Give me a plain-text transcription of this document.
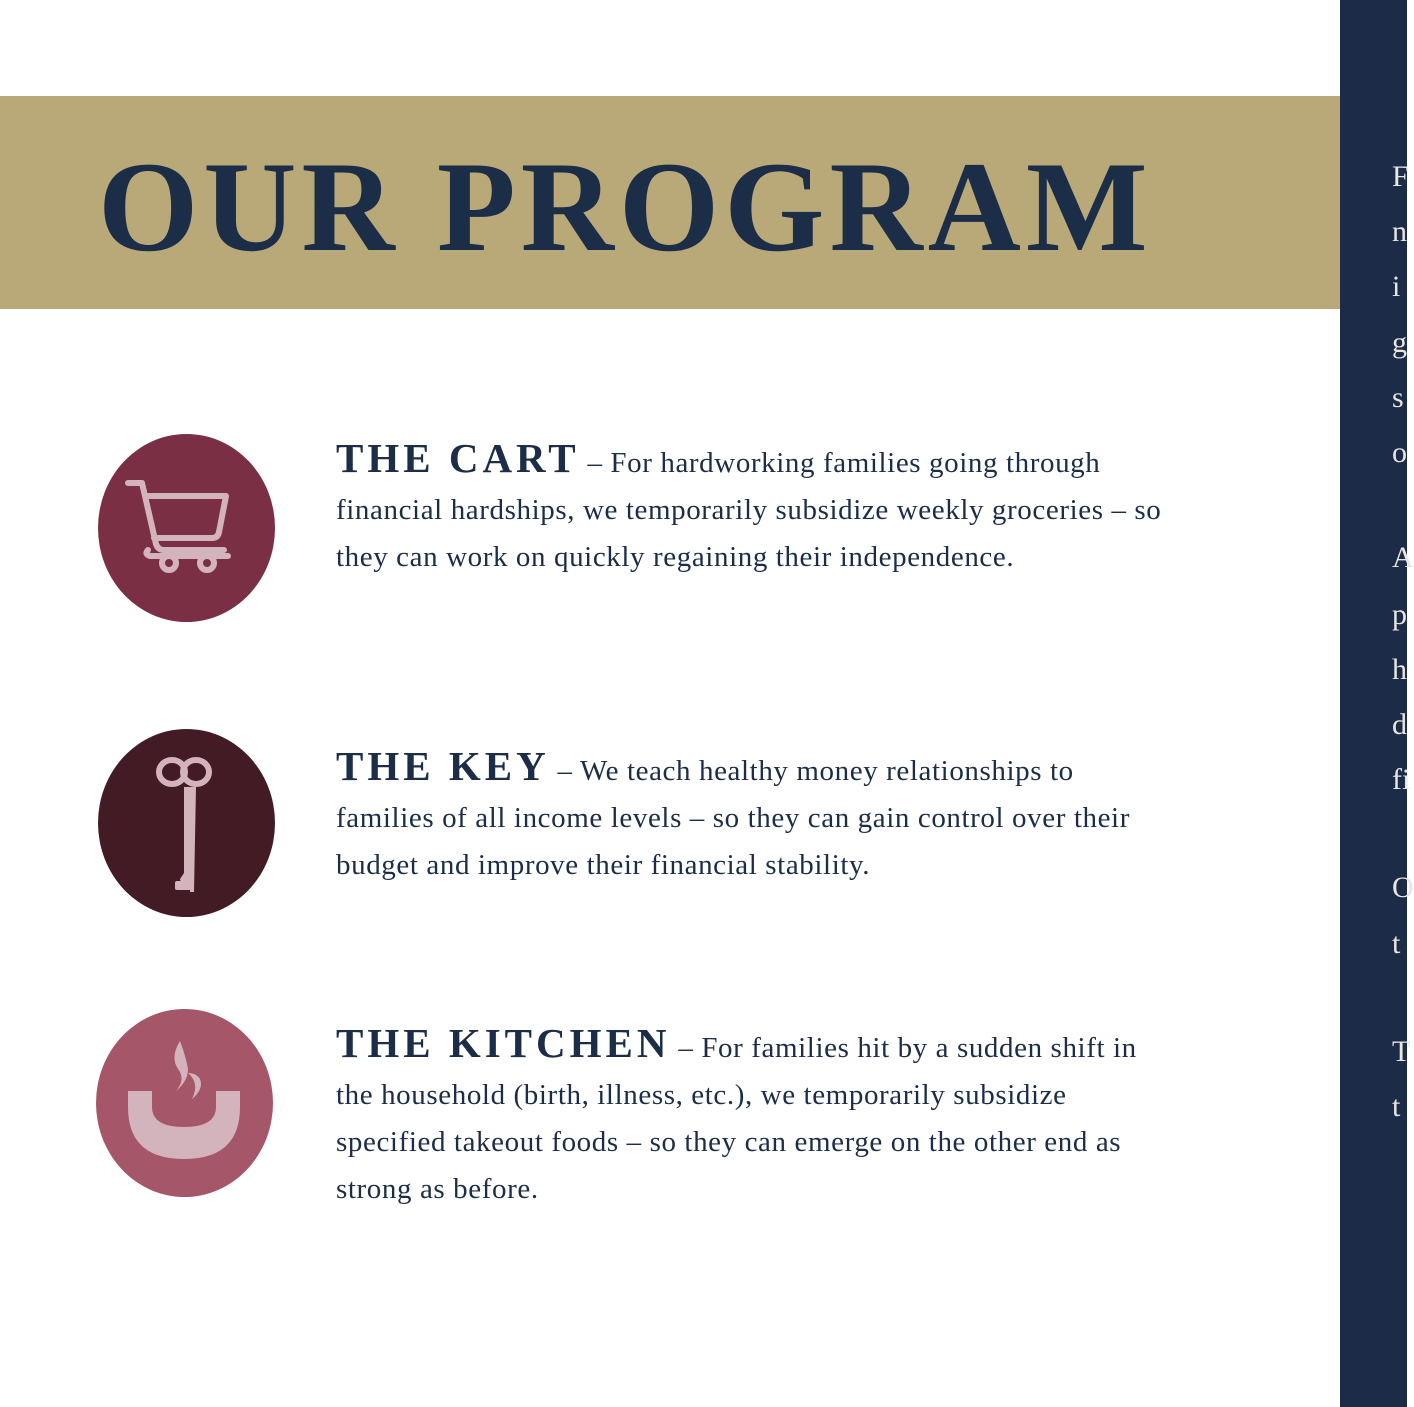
OUR PROGRAM

THE CART – For hardworking families going through financial hardships, we temporarily subsidize weekly groceries – so they can work on quickly regaining their independence.

THE KEY – We teach healthy money relationships to families of all income levels – so they can gain control over their budget and improve their financial stability.

THE KITCHEN – For families hit by a sudden shift in the household (birth, illness, etc.), we temporarily subsidize specified takeout foods – so they can emerge on the other end as strong as before.

F
n
i
g
s
o
A
p
h
d
fi
O
t
T
t
